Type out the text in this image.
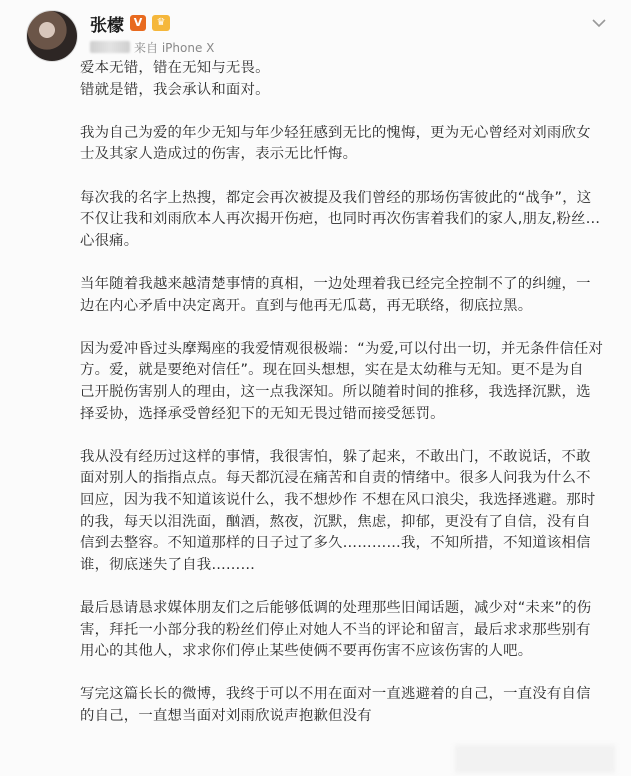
张檬 V	♛
来自 iPhone X
爱本无错，错在无知与无畏。
错就是错，我会承认和面对。
我为自己为爱的年少无知与年少轻狂感到无比的愧悔，更为无心曾经对刘雨欣女
士及其家人造成过的伤害，表示无比忏悔。
每次我的名字上热搜，都定会再次被提及我们曾经的那场伤害彼此的“战争”，这
不仅让我和刘雨欣本人再次揭开伤疤，也同时再次伤害着我们的家人,朋友,粉丝…
心很痛。
当年随着我越来越清楚事情的真相，一边处理着我已经完全控制不了的纠缠，一
边在内心矛盾中决定离开。直到与他再无瓜葛，再无联络，彻底拉黑。
因为爱冲昏过头摩羯座的我爱情观很极端：“为爱,可以付出一切，并无条件信任对
方。爱，就是要绝对信任”。现在回头想想，实在是太幼稚与无知。更不是为自
己开脱伤害别人的理由，这一点我深知。所以随着时间的推移，我选择沉默，选
择妥协，选择承受曾经犯下的无知无畏过错而接受惩罚。
我从没有经历过这样的事情，我很害怕，躲了起来，不敢出门，不敢说话，不敢
面对别人的指指点点。每天都沉浸在痛苦和自责的情绪中。很多人问我为什么不
回应，因为我不知道该说什么，我不想炒作 不想在风口浪尖，我选择逃避。那时
的我，每天以泪洗面，酗酒，熬夜，沉默，焦虑，抑郁，更没有了自信，没有自
信到去整容。不知道那样的日子过了多久…………我，不知所措，不知道该相信
谁，彻底迷失了自我………
最后恳请恳求媒体朋友们之后能够低调的处理那些旧闻话题，减少对“未来”的伤
害，拜托一小部分我的粉丝们停止对她人不当的评论和留言，最后求求那些别有
用心的其他人，求求你们停止某些使俩不要再伤害不应该伤害的人吧。
写完这篇长长的微博，我终于可以不用在面对一直逃避着的自己，一直没有自信
的自己，一直想当面对刘雨欣说声抱歉但没有
